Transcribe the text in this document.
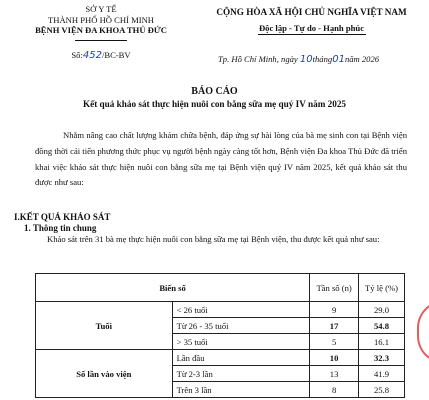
SỞ Y TẾ
THÀNH PHỐ HỒ CHÍ MINH
BỆNH VIỆN ĐA KHOA THỦ ĐỨC
Số:452/BC-BV
CỘNG HÒA XÃ HỘI CHỦ NGHĨA VIỆT NAM
Độc lập - Tự do - Hạnh phúc
Tp. Hồ Chí Minh, ngày 10tháng01năm 2026
BÁO CÁO
Kết quả khảo sát thực hiện nuôi con bằng sữa mẹ quý IV năm 2025
Nhằm nâng cao chất lượng khám chữa bệnh, đáp ứng sự hài lòng của bà mẹ sinh con tại Bệnh viện đồng thời cải tiến phương thức phục vụ người bệnh ngày càng tốt hơn, Bệnh viện Đa khoa Thủ Đức đã triển khai việc khảo sát thực hiện nuôi con bằng sữa mẹ tại Bệnh viện quý IV năm 2025, kết quả khảo sát thu được như sau:
I.KẾT QUẢ KHẢO SÁT
1. Thông tin chung
Khảo sát trên 31 bà mẹ thực hiện nuôi con bằng sữa mẹ tại Bệnh viện, thu được kết quả như sau:
Biến số		Tần số (n)	Tỷ lệ (%)
Tuổi	< 26 tuổi	9	29.0
	Từ 26 - 35 tuổi	17	54.8
	> 35 tuổi	5	16.1
Số lần vào viện	Lần đầu	10	32.3
	Từ 2-3 lần	13	41.9
	Trên 3 lần	8	25.8
